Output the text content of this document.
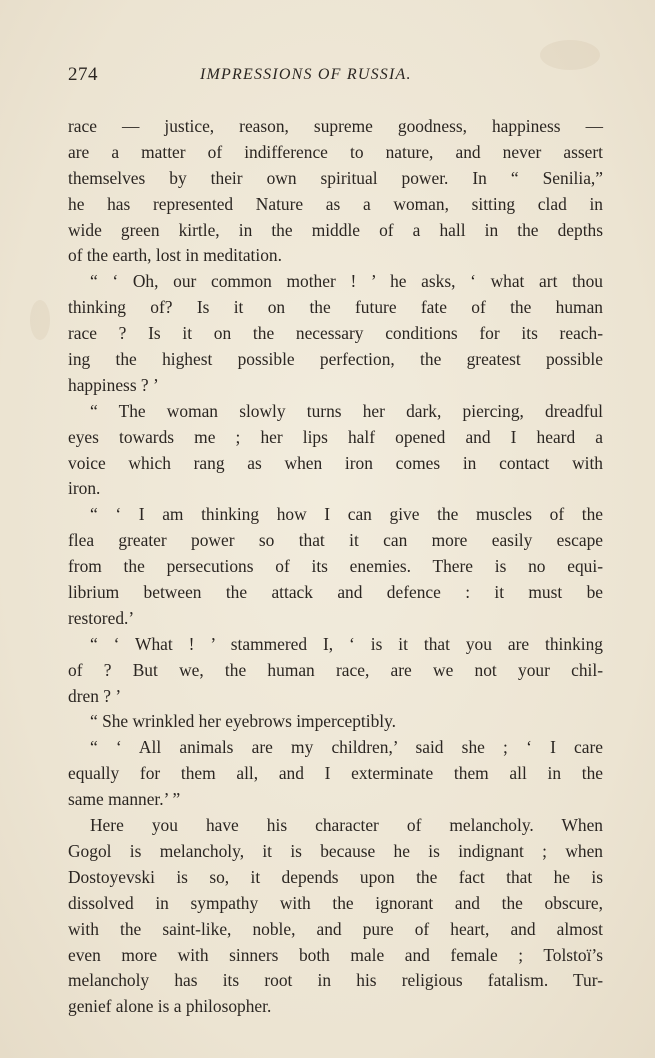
274	IMPRESSIONS OF RUSSIA.
race — justice, reason, supreme goodness, happiness —
are a matter of indifference to nature, and never assert
themselves by their own spiritual power. In “ Senilia,”
he has represented Nature as a woman, sitting clad in
wide green kirtle, in the middle of a hall in the depths
of the earth, lost in meditation.
“ ‘ Oh, our common mother ! ’ he asks, ‘ what art thou
thinking of? Is it on the future fate of the human
race ? Is it on the necessary conditions for its reach-
ing the highest possible perfection, the greatest possible
happiness ? ’
“ The woman slowly turns her dark, piercing, dreadful
eyes towards me ; her lips half opened and I heard a
voice which rang as when iron comes in contact with
iron.
“ ‘ I am thinking how I can give the muscles of the
flea greater power so that it can more easily escape
from the persecutions of its enemies. There is no equi-
librium between the attack and defence : it must be
restored.’
“ ‘ What ! ’ stammered I, ‘ is it that you are thinking
of ? But we, the human race, are we not your chil-
dren ? ’
“ She wrinkled her eyebrows imperceptibly.
“ ‘ All animals are my children,’ said she ; ‘ I care
equally for them all, and I exterminate them all in the
same manner.’ ”
Here you have his character of melancholy. When
Gogol is melancholy, it is because he is indignant ; when
Dostoyevski is so, it depends upon the fact that he is
dissolved in sympathy with the ignorant and the obscure,
with the saint-like, noble, and pure of heart, and almost
even more with sinners both male and female ; Tolstoï’s
melancholy has its root in his religious fatalism. Tur-
genief alone is a philosopher.
